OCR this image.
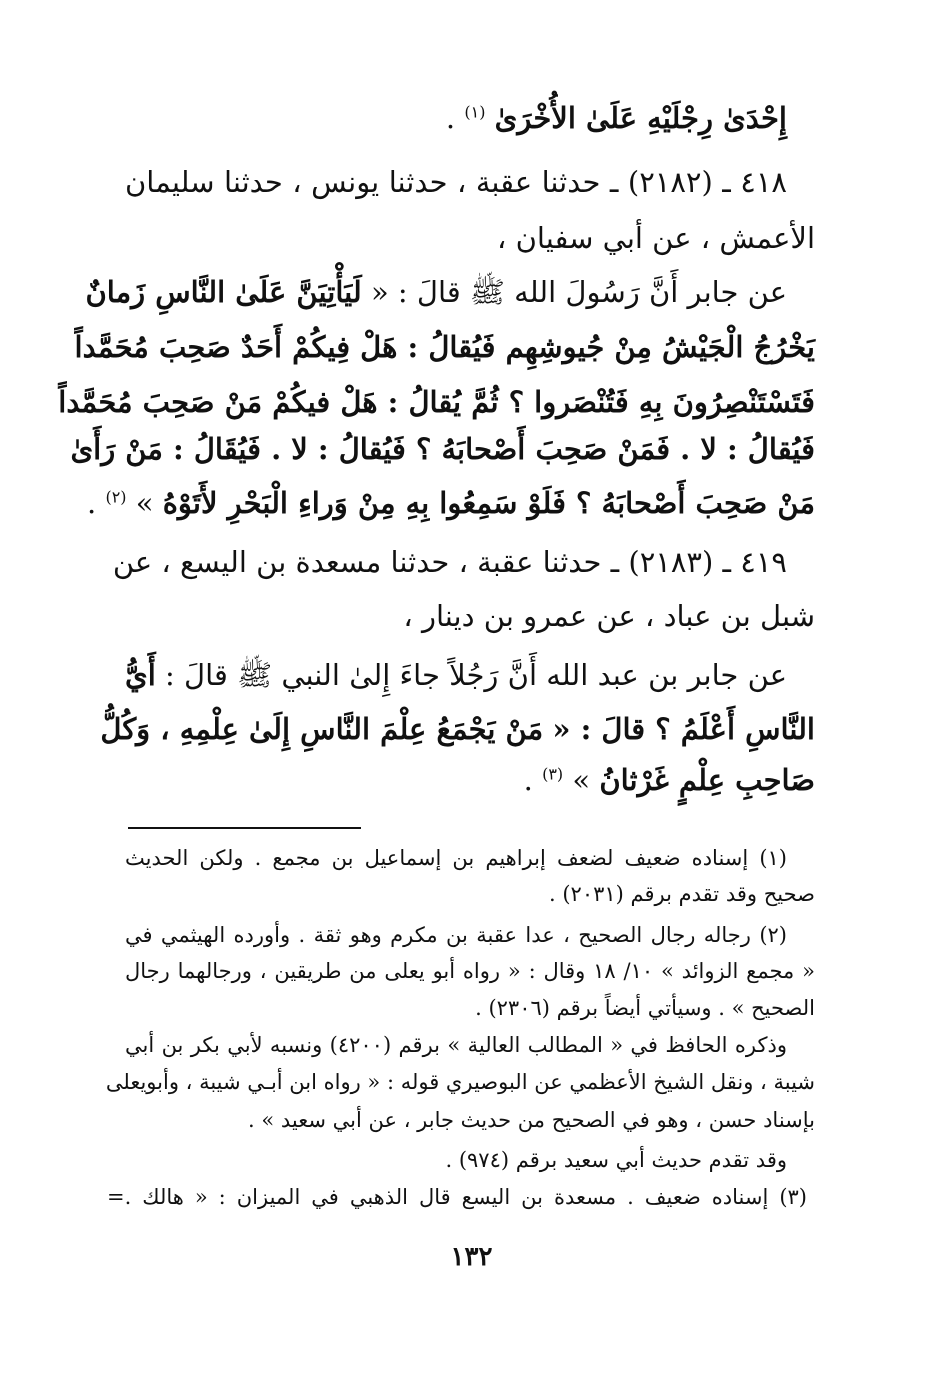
إِحْدَىٰ رِجْلَيْهِ عَلَىٰ الأُخْرَىٰ $^{(١)}$ .
٤١٨ ـ (٢١٨٢) ـ حدثنا عقبة ، حدثنا يونس ، حدثنا سليمان
الأعمش ، عن أبي سفيان ،
عن جابر أَنَّ رَسُولَ الله ﷺ قالَ : « لَيَأْتِيَنَّ عَلَىٰ النَّاسِ زَمانٌ
يَخْرُجُ الْجَيْشُ مِنْ جُيوشِهِم فَيُقالُ : هَلْ فِيكُمْ أَحَدٌ صَحِبَ مُحَمَّداً
فَتَسْتَنْصِرُونَ بِهِ فَتُنْصَروا ؟ ثُمَّ يُقالُ : هَلْ فيكُمْ مَنْ صَحِبَ مُحَمَّداً
فَيُقالُ : لا . فَمَنْ صَحِبَ أَصْحابَهُ ؟ فَيُقالُ : لا . فَيُقَالُ : مَنْ رَأَىٰ
مَنْ صَحِبَ أَصْحابَهُ ؟ فَلَوْ سَمِعُوا بِهِ مِنْ وَراءِ الْبَحْرِ لأَتَوْهُ » $^{(٢)}$ .
٤١٩ ـ (٢١٨٣) ـ حدثنا عقبة ، حدثنا مسعدة بن اليسع ، عن
شبل بن عباد ، عن عمرو بن دينار ،
عن جابر بن عبد الله أَنَّ رَجُلاً جاءَ إِلىٰ النبي ﷺ قالَ : أَيُّ
النَّاسِ أَعْلَمُ ؟ قالَ : « مَنْ يَجْمَعُ عِلْمَ النَّاسِ إِلَىٰ عِلْمِهِ ، وَكُلُّ
صَاحِبِ عِلْمٍ غَرْثانُ » $^{(٣)}$ .
(١) إسناده ضعيف لضعف إبراهيم بن إسماعيل بن مجمع . ولكن الحديث
صحيح وقد تقدم برقم (٢٠٣١) .
(٢) رجاله رجال الصحيح ، عدا عقبة بن مكرم وهو ثقة . وأورده الهيثمي في
« مجمع الزوائد » ١٠/ ١٨ وقال : « رواه أبو يعلى من طريقين ، ورجالهما رجال
الصحيح » . وسيأتي أيضاً برقم (٢٣٠٦) .
وذكره الحافظ في « المطالب العالية » برقم (٤٢٠٠) ونسبه لأبي بكر بن أبي
شيبة ، ونقل الشيخ الأعظمي عن البوصيري قوله : « رواه ابن أبـي شيبة ، وأبويعلى
بإسناد حسن ، وهو في الصحيح من حديث جابر ، عن أبي سعيد » .
وقد تقدم حديث أبي سعيد برقم (٩٧٤) .
(٣) إسناده ضعيف . مسعدة بن اليسع قال الذهبي في الميزان : « هالك .=
١٣٢
